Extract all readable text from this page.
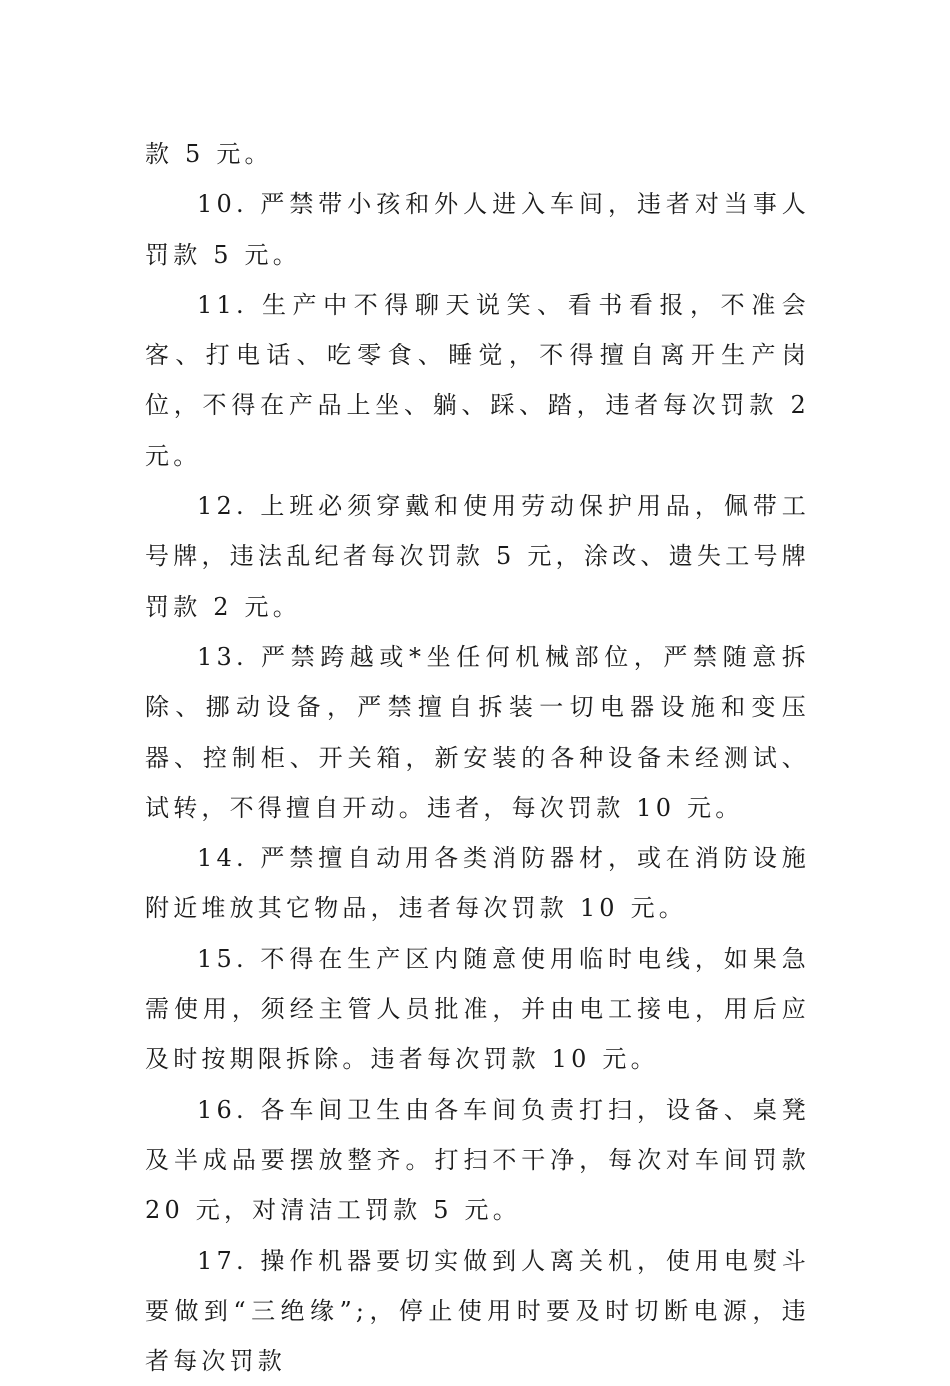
款 5 元。

10. 严禁带小孩和外人进入车间，违者对当事人罚款 5 元。

11. 生产中不得聊天说笑、看书看报，不准会客、打电话、吃零食、睡觉，不得擅自离开生产岗位，不得在产品上坐、躺、踩、踏，违者每次罚款 2 元。

12. 上班必须穿戴和使用劳动保护用品，佩带工号牌，违法乱纪者每次罚款 5 元，涂改、遗失工号牌罚款 2 元。

13. 严禁跨越或*坐任何机械部位，严禁随意拆除、挪动设备，严禁擅自拆装一切电器设施和变压器、控制柜、开关箱，新安装的各种设备未经测试、试转，不得擅自开动。违者，每次罚款 10 元。

14. 严禁擅自动用各类消防器材，或在消防设施附近堆放其它物品，违者每次罚款 10 元。

15. 不得在生产区内随意使用临时电线，如果急需使用，须经主管人员批准，并由电工接电，用后应及时按期限拆除。违者每次罚款 10 元。

16. 各车间卫生由各车间负责打扫，设备、桌凳及半成品要摆放整齐。打扫不干净，每次对车间罚款 20 元，对清洁工罚款 5 元。

17. 操作机器要切实做到人离关机，使用电熨斗要做到“三绝缘”;，停止使用时要及时切断电源，违者每次罚款
